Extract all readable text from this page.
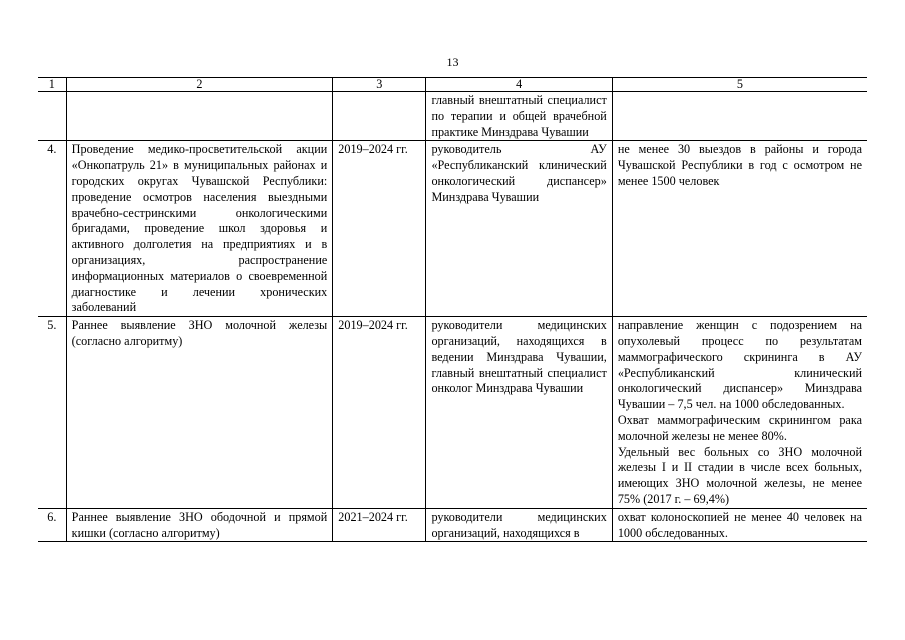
13
1	2	3	4	5
			главный внештатный специалист по терапии и общей врачебной практике Минздрава Чувашии	
4.	Проведение медико-просветительской акции «Онкопатруль 21» в муниципальных районах и городских округах Чувашской Республики: проведение осмотров населения выездными врачебно-сестринскими онкологическими бригадами, проведение школ здоровья и активного долголетия на предприятиях и в организациях, распространение информационных материалов о своевременной диагностике и лечении хронических заболеваний	2019–2024 гг.	руководитель АУ «Республиканский клинический онкологический диспансер» Минздрава Чувашии	не менее 30 выездов в районы и города Чувашской Республики в год с осмотром не менее 1500 человек

5.	Раннее выявление ЗНО молочной железы (согласно алгоритму)	2019–2024 гг.	руководители медицинских организаций, находящихся в ведении Минздрава Чувашии, главный внештатный специалист онколог Минздрава Чувашии	направление женщин с подозрением на опухолевый процесс по результатам маммографического скрининга в АУ «Республиканский клинический онкологический диспансер» Минздрава Чувашии – 7,5 чел. на 1000 обследованных.
Охват маммографическим скринингом рака молочной железы не менее 80%.
Удельный вес больных со ЗНО молочной железы I и II стадии в числе всех больных, имеющих ЗНО молочной железы, не менее 75% (2017 г. – 69,4%)

6.	Раннее выявление ЗНО ободочной и прямой кишки (согласно алгоритму)	2021–2024 гг.	руководители медицинских организаций, находящихся в	охват колоноскопией не менее 40 человек на 1000 обследованных.
